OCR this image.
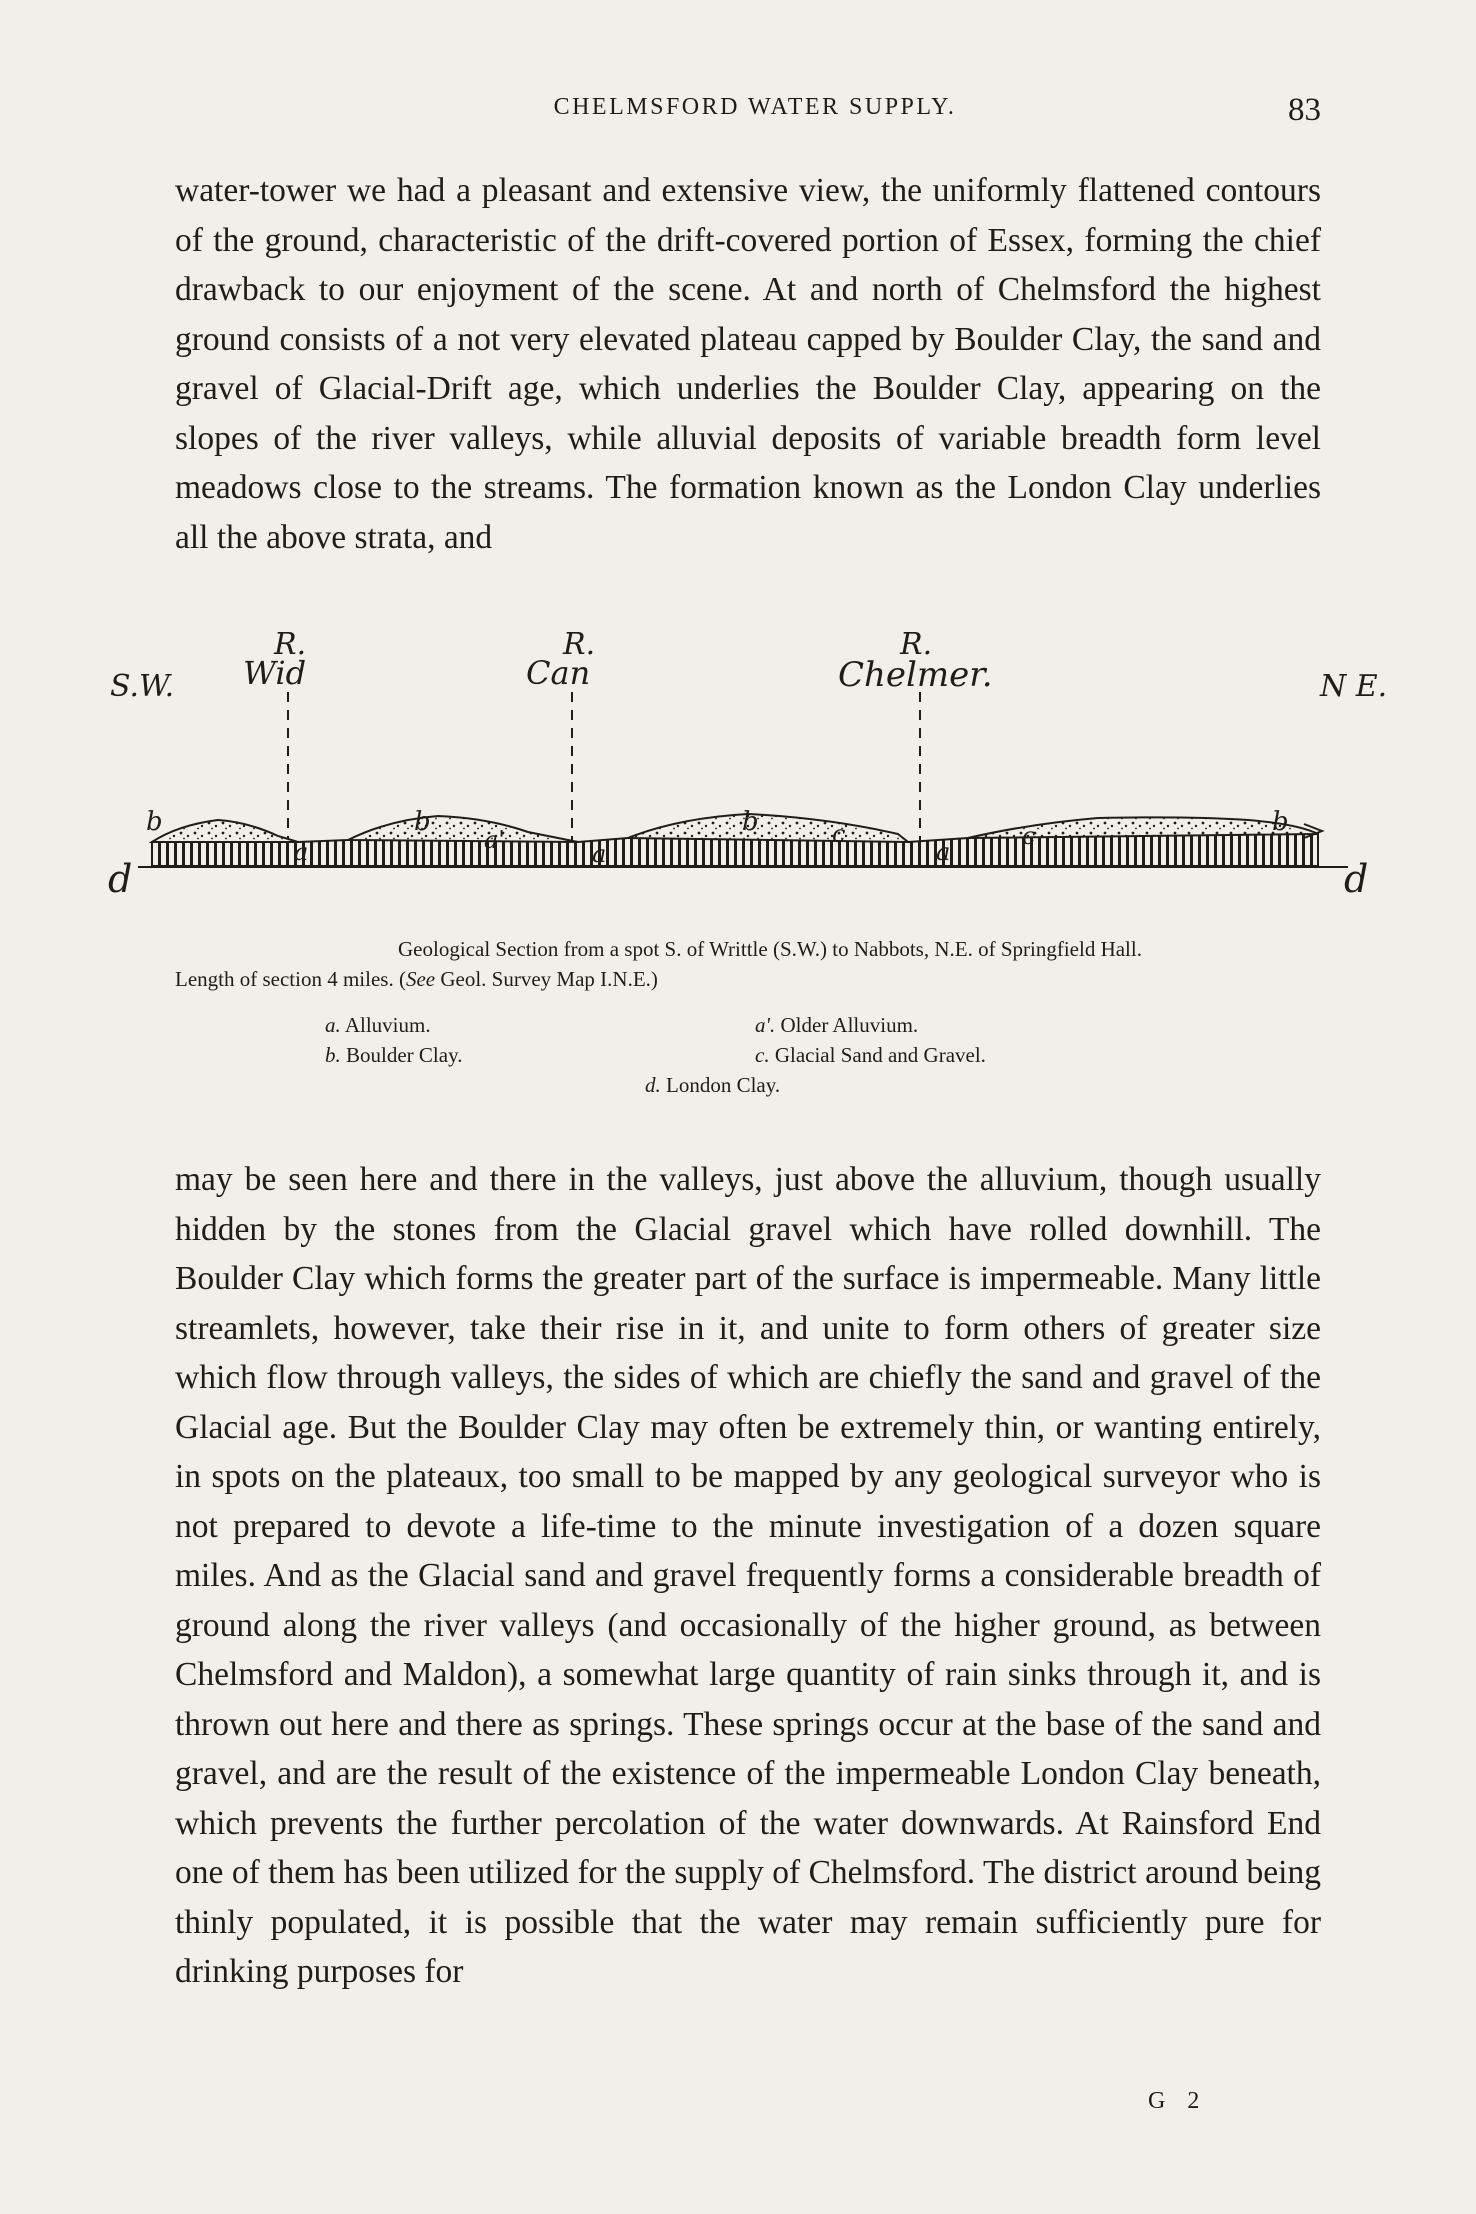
CHELMSFORD WATER SUPPLY.	83

water-tower we had a pleasant and extensive view, the uniformly flattened contours of the ground, characteristic of the drift-covered portion of Essex, forming the chief drawback to our enjoyment of the scene. At and north of Chelmsford the highest ground consists of a not very elevated plateau capped by Boulder Clay, the sand and gravel of Glacial-Drift age, which underlies the Boulder Clay, appearing on the slopes of the river valleys, while alluvial deposits of variable breadth form level meadows close to the streams. The formation known as the London Clay underlies all the above strata, and

S.W.	N E.
R.
Wid
R.
Can
R.
Chelmer.
b	b	b	b
a	a	a
a'	c	c
d	d

Geological Section from a spot S. of Writtle (S.W.) to Nabbots, N.E. of Springfield Hall.

Length of section 4 miles. (See Geol. Survey Map I.N.E.)

a. Alluvium.	a'. Older Alluvium.
b. Boulder Clay.	c. Glacial Sand and Gravel.
d. London Clay.

may be seen here and there in the valleys, just above the alluvium, though usually hidden by the stones from the Glacial gravel which have rolled downhill. The Boulder Clay which forms the greater part of the surface is impermeable. Many little streamlets, however, take their rise in it, and unite to form others of greater size which flow through valleys, the sides of which are chiefly the sand and gravel of the Glacial age. But the Boulder Clay may often be extremely thin, or wanting entirely, in spots on the plateaux, too small to be mapped by any geological surveyor who is not prepared to devote a life-time to the minute investigation of a dozen square miles. And as the Glacial sand and gravel frequently forms a considerable breadth of ground along the river valleys (and occasionally of the higher ground, as between Chelmsford and Maldon), a somewhat large quantity of rain sinks through it, and is thrown out here and there as springs. These springs occur at the base of the sand and gravel, and are the result of the existence of the impermeable London Clay beneath, which prevents the further percolation of the water downwards. At Rainsford End one of them has been utilized for the supply of Chelmsford. The district around being thinly populated, it is possible that the water may remain sufficiently pure for drinking purposes for

G 2
